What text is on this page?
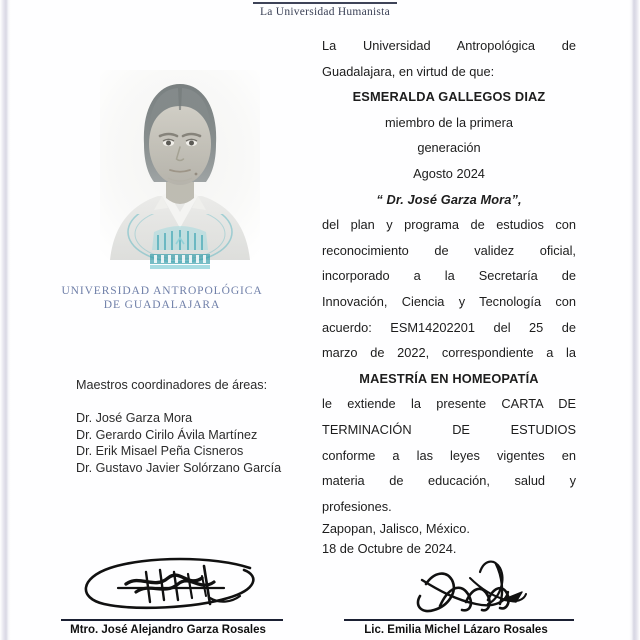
La Universidad Humanista
UNIVERSIDAD ANTROPOLÓGICA
DE GUADALAJARA
Maestros coordinadores de áreas:
Dr. José Garza Mora
Dr. Gerardo Cirilo Ávila Martínez
Dr. Erik Misael Peña Cisneros
Dr. Gustavo Javier Solórzano García
La Universidad Antropológica de
Guadalajara, en virtud de que:
ESMERALDA GALLEGOS DIAZ
miembro de la primera
generación
Agosto 2024
“ Dr. José Garza Mora”,
del plan y programa de estudios con
reconocimiento de validez oficial,
incorporado a la Secretaría de
Innovación, Ciencia y Tecnología con
acuerdo: ESM14202201 del 25 de
marzo de 2022, correspondiente a la
MAESTRÍA EN HOMEOPATÍA
le extiende la presente CARTA DE
TERMINACIÓN DE ESTUDIOS
conforme a las leyes vigentes en
materia de educación, salud y
profesiones.
Zapopan, Jalisco, México.
18 de Octubre de 2024.
Mtro. José Alejandro Garza Rosales	Lic. Emilia Michel Lázaro Rosales
